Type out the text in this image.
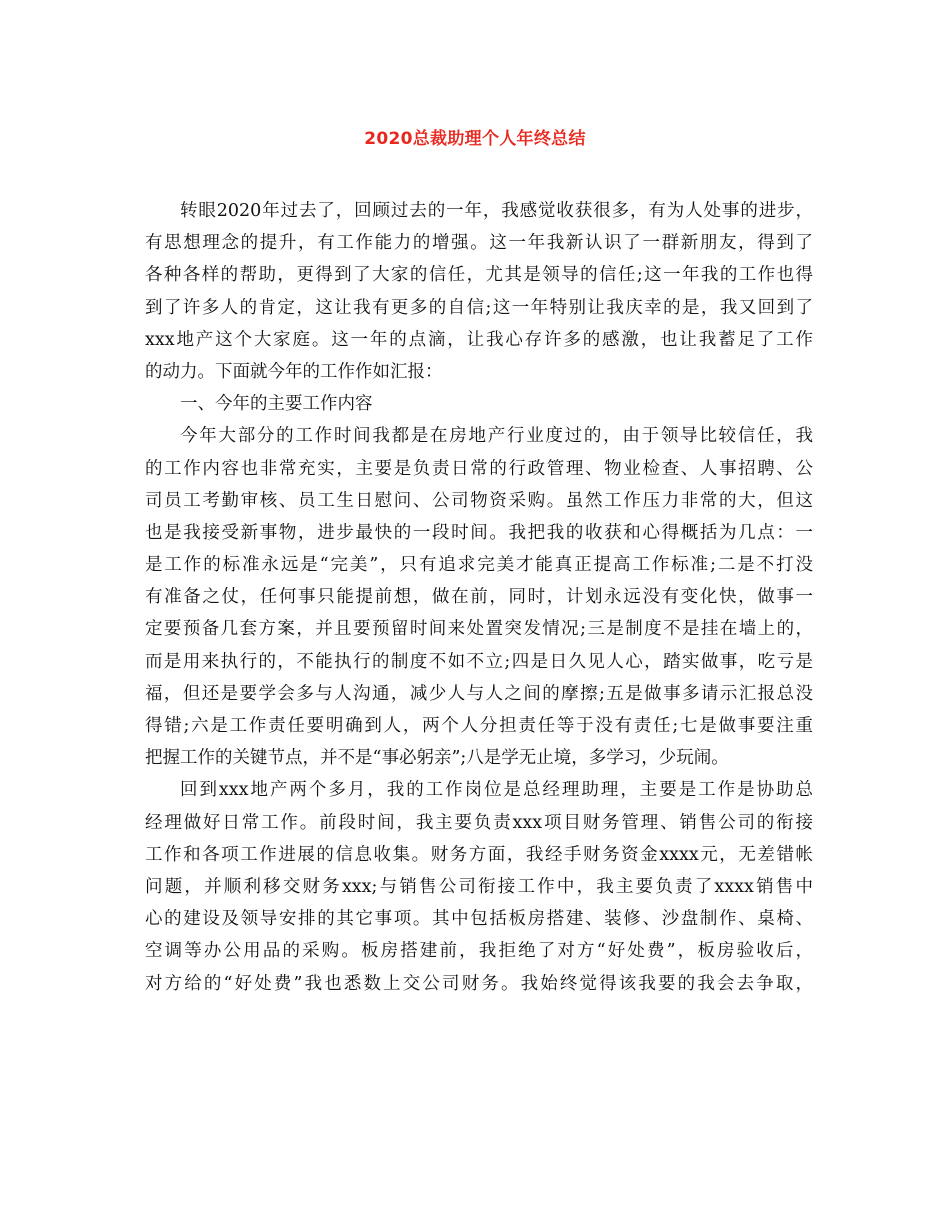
2020总裁助理个人年终总结
转眼2020年过去了，回顾过去的一年，我感觉收获很多，有为人处事的进步，
有思想理念的提升，有工作能力的增强。这一年我新认识了一群新朋友，得到了
各种各样的帮助，更得到了大家的信任，尤其是领导的信任;这一年我的工作也得
到了许多人的肯定，这让我有更多的自信;这一年特别让我庆幸的是，我又回到了
xxx地产这个大家庭。这一年的点滴，让我心存许多的感激，也让我蓄足了工作
的动力。下面就今年的工作作如汇报：
一、今年的主要工作内容
今年大部分的工作时间我都是在房地产行业度过的，由于领导比较信任，我
的工作内容也非常充实，主要是负责日常的行政管理、物业检查、人事招聘、公
司员工考勤审核、员工生日慰问、公司物资采购。虽然工作压力非常的大，但这
也是我接受新事物，进步最快的一段时间。我把我的收获和心得概括为几点：一
是工作的标准永远是“完美”，只有追求完美才能真正提高工作标准;二是不打没
有准备之仗，任何事只能提前想，做在前，同时，计划永远没有变化快，做事一
定要预备几套方案，并且要预留时间来处置突发情况;三是制度不是挂在墙上的，
而是用来执行的，不能执行的制度不如不立;四是日久见人心，踏实做事，吃亏是
福，但还是要学会多与人沟通，减少人与人之间的摩擦;五是做事多请示汇报总没
得错;六是工作责任要明确到人，两个人分担责任等于没有责任;七是做事要注重
把握工作的关键节点，并不是“事必躬亲”;八是学无止境，多学习，少玩闹。
回到xxx地产两个多月，我的工作岗位是总经理助理，主要是工作是协助总
经理做好日常工作。前段时间，我主要负责xxx项目财务管理、销售公司的衔接
工作和各项工作进展的信息收集。财务方面，我经手财务资金xxxx元，无差错帐
问题，并顺利移交财务xxx;与销售公司衔接工作中，我主要负责了xxxx销售中
心的建设及领导安排的其它事项。其中包括板房搭建、装修、沙盘制作、桌椅、
空调等办公用品的采购。板房搭建前，我拒绝了对方“好处费”，板房验收后，
对方给的“好处费”我也悉数上交公司财务。我始终觉得该我要的我会去争取，
